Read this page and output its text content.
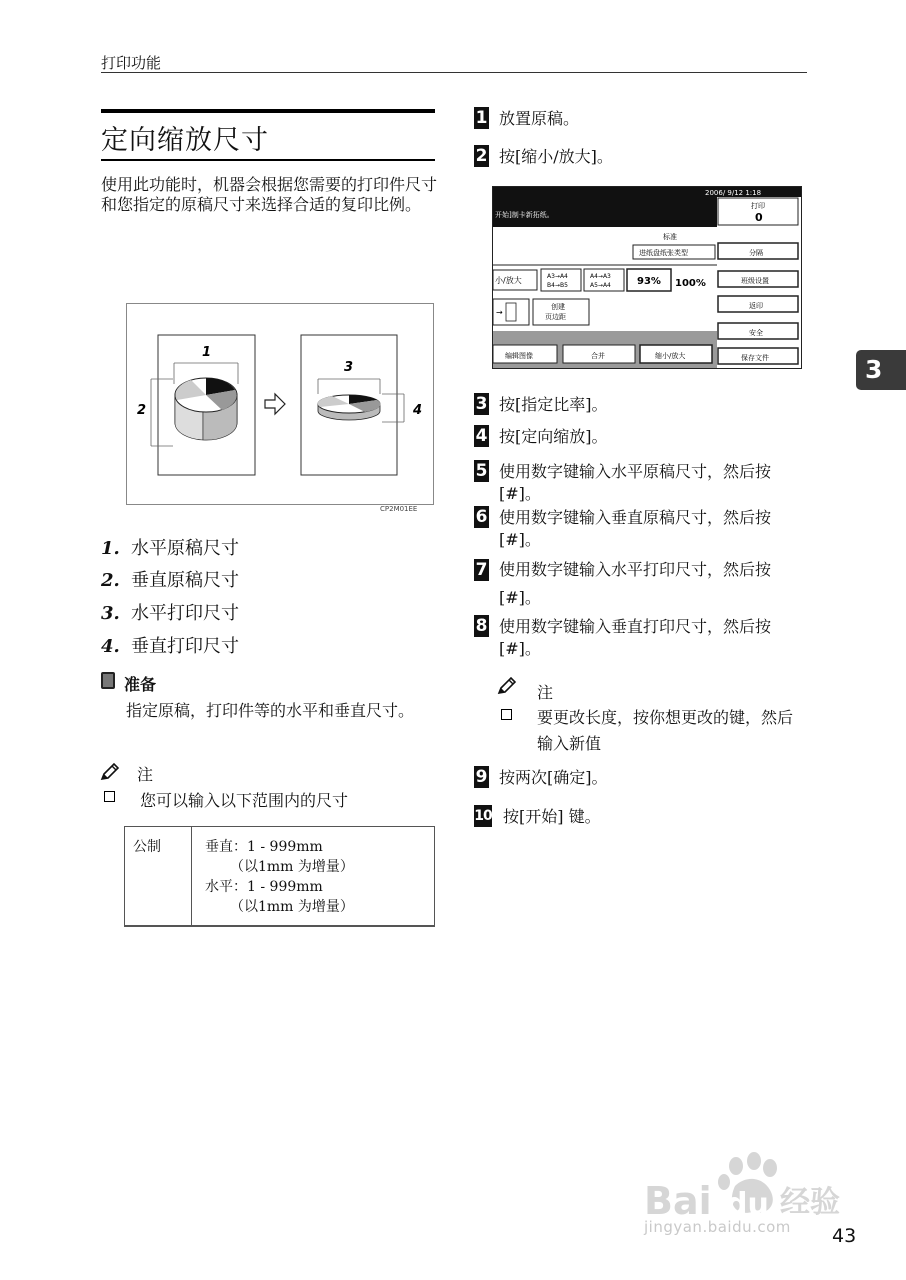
打印功能
定向缩放尺寸
使用此功能时，机器会根据您需要的打印件尺寸和您指定的原稿尺寸来选择合适的复印比例。
1
2
3
4
CP2M01EE
1. 水平原稿尺寸
2. 垂直原稿尺寸
3. 水平打印尺寸
4. 垂直打印尺寸
准备
指定原稿，打印件等的水平和垂直尺寸。
注
您可以输入以下范围内的尺寸
公制	垂直：1 - 999mm
（以1mm 为增量）
水平：1 - 999mm
（以1mm 为增量）
1 放置原稿。
2 按[缩小/放大]。
2006/ 9/12 1:18
开始]制卡新拓纸。
打印
0
标准
进纸盘纸张类型
小/放大	A3→A4
B4→B5
A4→A3
A5→A4	93% 100%
→
创建
页边距
分隔
班级设置
返印
安全
保存文件
编辑图像	合并	缩小/放大
3 按[指定比率]。
4 按[定向缩放]。
5 使用数字键输入水平原稿尺寸，然后按[#]。
6 使用数字键输入垂直原稿尺寸，然后按[#]。
7 使用数字键输入水平打印尺寸，然后按[#]。
8 使用数字键输入垂直打印尺寸，然后按[#]。
注
要更改长度，按你想更改的键，然后输入新值
9 按两次[确定]。
10 按[开始] 键。
3
Bai du 经验
jingyan.baidu.com 43
